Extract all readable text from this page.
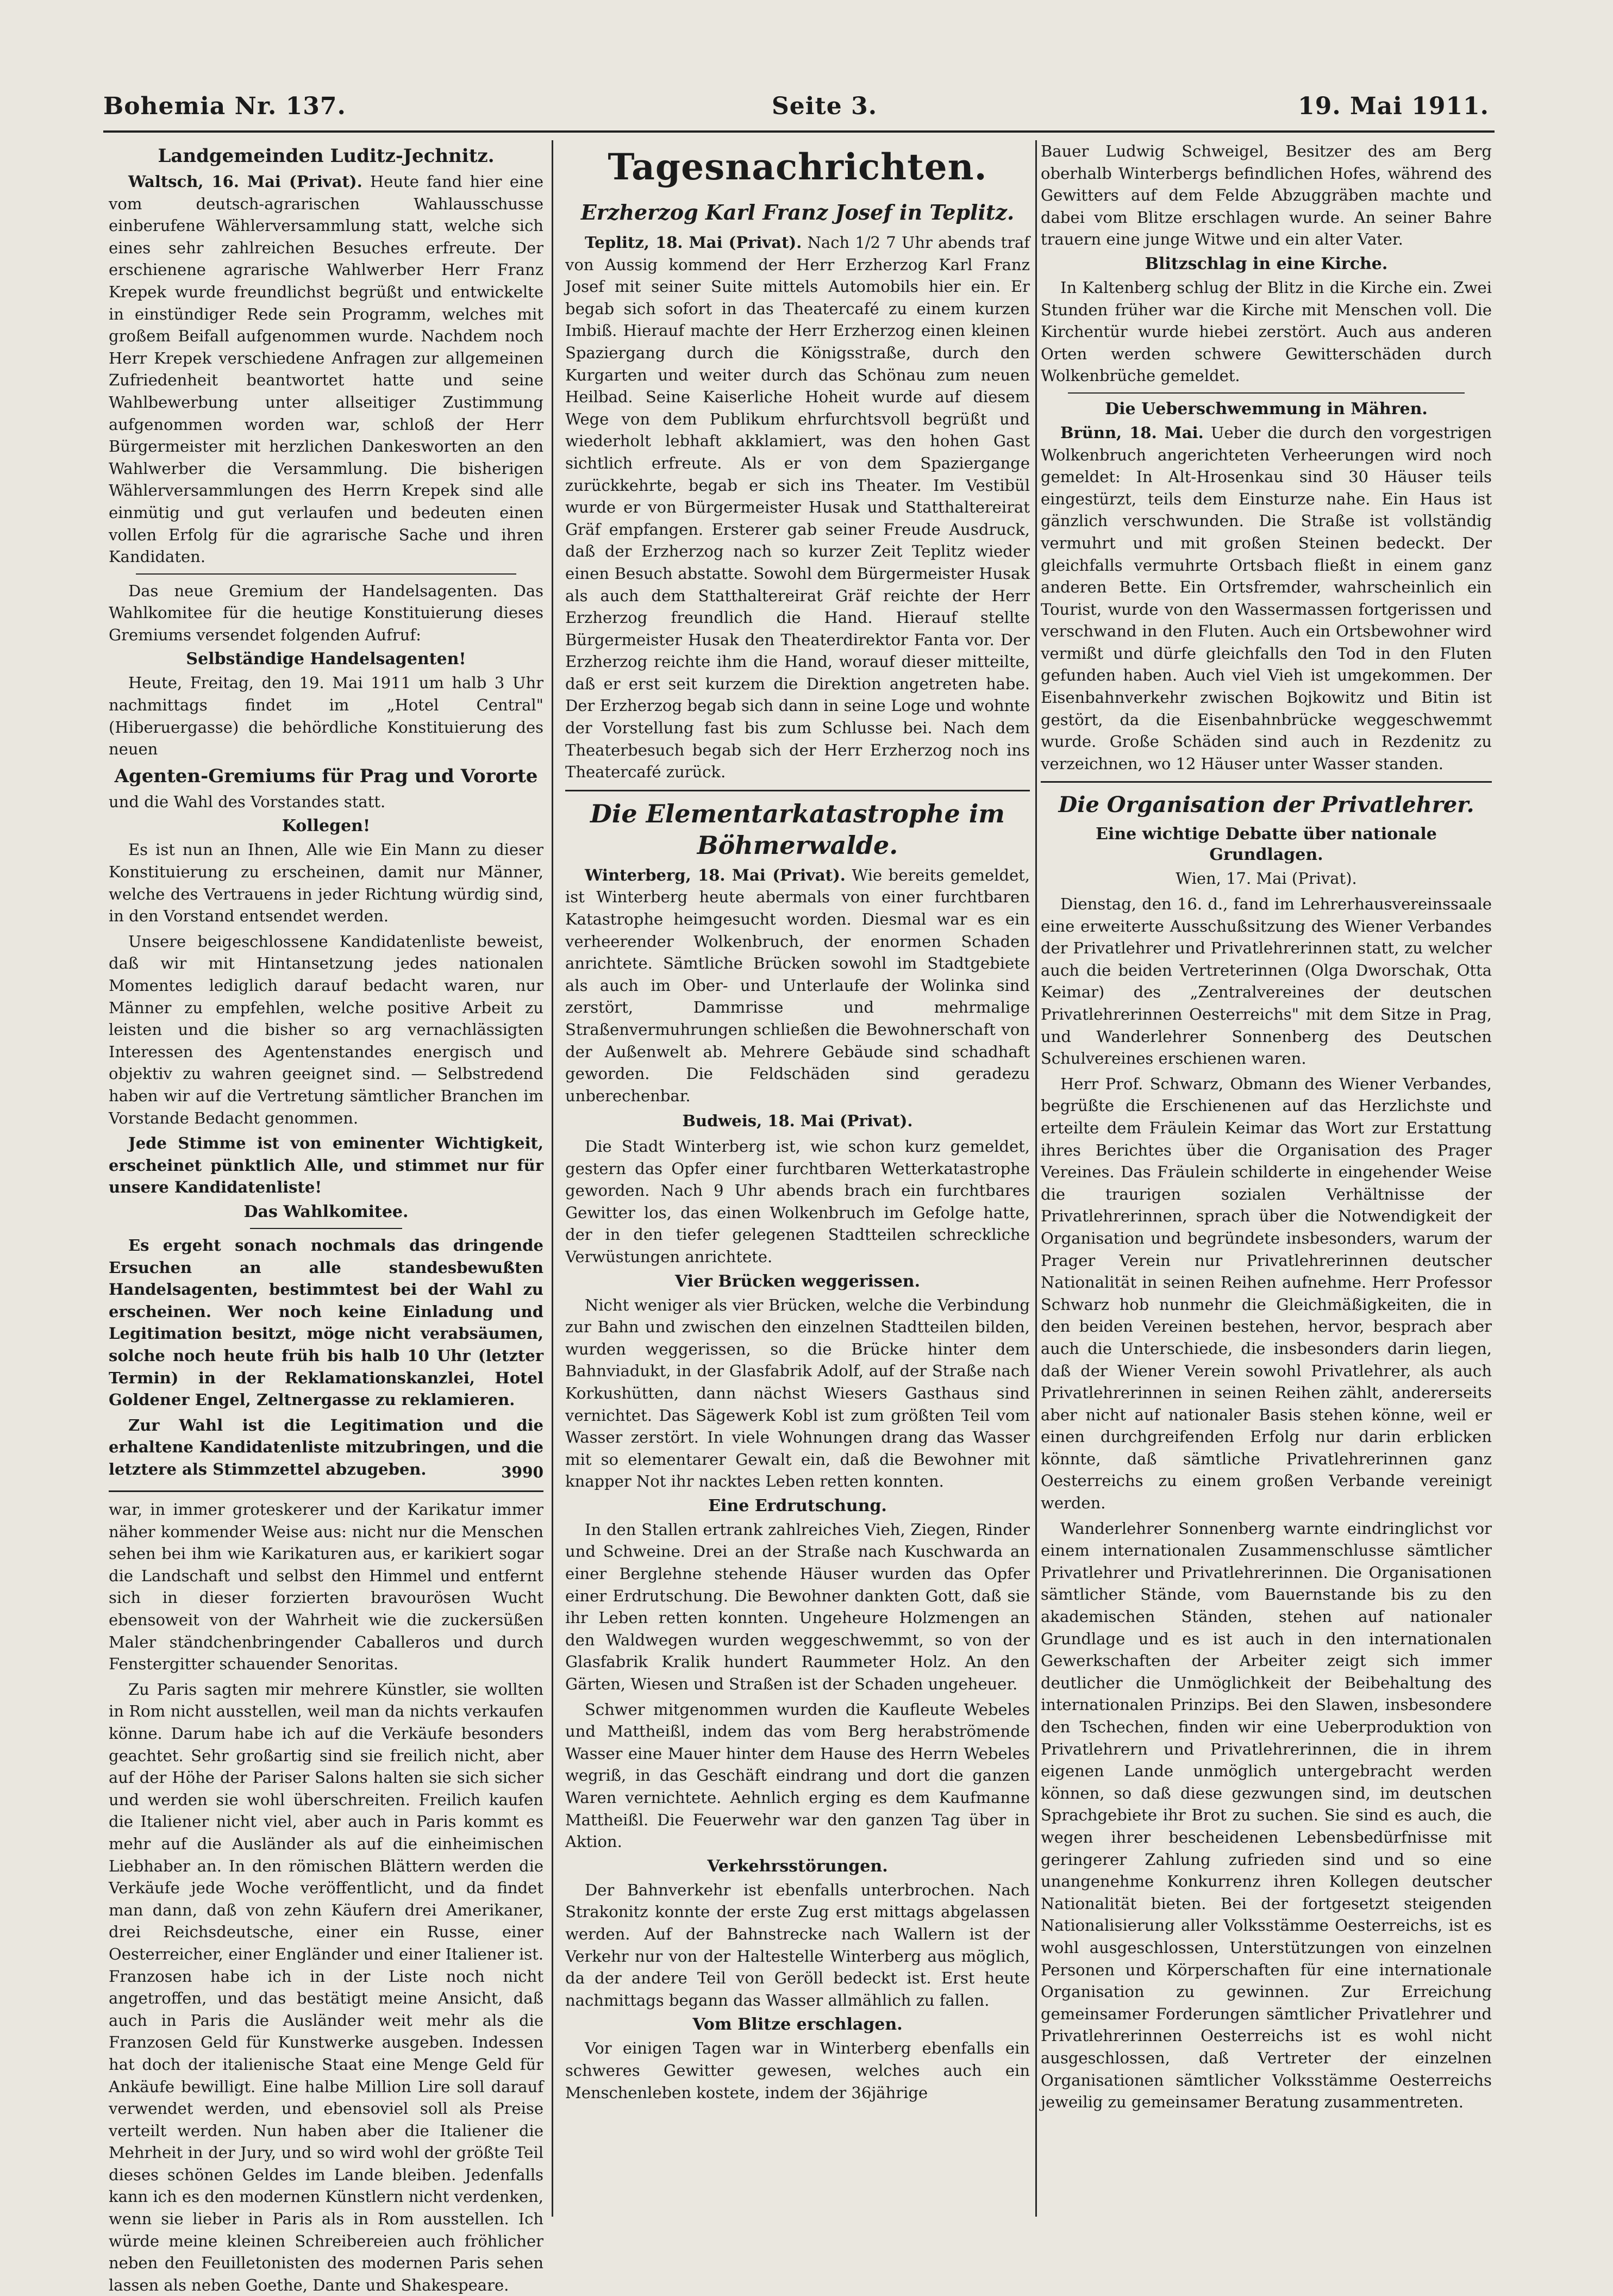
Bohemia Nr. 137.	Seite 3.	19. Mai 1911.
Landgemeinden Luditz-Jechnitz.

Waltsch, 16. Mai (Privat). Heute fand hier eine vom deutsch-agrarischen Wahlausschusse einberufene Wählerversammlung statt, welche sich eines sehr zahlreichen Besuches erfreute. Der erschienene agrarische Wahlwerber Herr Franz Krepek wurde freundlichst begrüßt und entwickelte in einstündiger Rede sein Programm, welches mit großem Beifall aufgenommen wurde. Nachdem noch Herr Krepek verschiedene Anfragen zur allgemeinen Zufriedenheit beantwortet hatte und seine Wahlbewerbung unter allseitiger Zustimmung aufgenommen worden war, schloß der Herr Bürgermeister mit herzlichen Dankesworten an den Wahlwerber die Versammlung. Die bisherigen Wählerversammlungen des Herrn Krepek sind alle einmütig und gut verlaufen und bedeuten einen vollen Erfolg für die agrarische Sache und ihren Kandidaten.

Das neue Gremium der Handelsagenten. Das Wahlkomitee für die heutige Konstituierung dieses Gremiums versendet folgenden Aufruf:

Selbständige Handelsagenten!

Heute, Freitag, den 19. Mai 1911 um halb 3 Uhr nachmittags findet im „Hotel Central" (Hiberuergasse) die behördliche Konstituierung des neuen

Agenten-Gremiums für Prag und Vororte

und die Wahl des Vorstandes statt.

Kollegen!

Es ist nun an Ihnen, Alle wie Ein Mann zu dieser Konstituierung zu erscheinen, damit nur Männer, welche des Vertrauens in jeder Richtung würdig sind, in den Vorstand entsendet werden.

Unsere beigeschlossene Kandidatenliste beweist, daß wir mit Hintansetzung jedes nationalen Momentes lediglich darauf bedacht waren, nur Männer zu empfehlen, welche positive Arbeit zu leisten und die bisher so arg vernachlässigten Interessen des Agentenstandes energisch und objektiv zu wahren geeignet sind. — Selbstredend haben wir auf die Vertretung sämtlicher Branchen im Vorstande Bedacht genommen.

Jede Stimme ist von eminenter Wichtigkeit, erscheinet pünktlich Alle, und stimmet nur für unsere Kandidatenliste!

Das Wahlkomitee.

Es ergeht sonach nochmals das dringende Ersuchen an alle standesbewußten Handelsagenten, bestimmtest bei der Wahl zu erscheinen. Wer noch keine Einladung und Legitimation besitzt, möge nicht verabsäumen, solche noch heute früh bis halb 10 Uhr (letzter Termin) in der Reklamationskanzlei, Hotel Goldener Engel, Zeltnergasse zu reklamieren.

Zur Wahl ist die Legitimation und die erhaltene Kandidatenliste mitzubringen, und die letztere als Stimmzettel abzugeben.	3990

war, in immer groteskerer und der Karikatur immer näher kommender Weise aus: nicht nur die Menschen sehen bei ihm wie Karikaturen aus, er karikiert sogar die Landschaft und selbst den Himmel und entfernt sich in dieser forzierten bravourösen Wucht ebensoweit von der Wahrheit wie die zuckersüßen Maler ständchenbringender Caballeros und durch Fenstergitter schauender Senoritas.

Zu Paris sagten mir mehrere Künstler, sie wollten in Rom nicht ausstellen, weil man da nichts verkaufen könne. Darum habe ich auf die Verkäufe besonders geachtet. Sehr großartig sind sie freilich nicht, aber auf der Höhe der Pariser Salons halten sie sich sicher und werden sie wohl überschreiten. Freilich kaufen die Italiener nicht viel, aber auch in Paris kommt es mehr auf die Ausländer als auf die einheimischen Liebhaber an. In den römischen Blättern werden die Verkäufe jede Woche veröffentlicht, und da findet man dann, daß von zehn Käufern drei Amerikaner, drei Reichsdeutsche, einer ein Russe, einer Oesterreicher, einer Engländer und einer Italiener ist. Franzosen habe ich in der Liste noch nicht angetroffen, und das bestätigt meine Ansicht, daß auch in Paris die Ausländer weit mehr als die Franzosen Geld für Kunstwerke ausgeben. Indessen hat doch der italienische Staat eine Menge Geld für Ankäufe bewilligt. Eine halbe Million Lire soll darauf verwendet werden, und ebensoviel soll als Preise verteilt werden. Nun haben aber die Italiener die Mehrheit in der Jury, und so wird wohl der größte Teil dieses schönen Geldes im Lande bleiben. Jedenfalls kann ich es den modernen Künstlern nicht verdenken, wenn sie lieber in Paris als in Rom ausstellen. Ich würde meine kleinen Schreibereien auch fröhlicher neben den Feuilletonisten des modernen Paris sehen lassen als neben Goethe, Dante und Shakespeare.

Tagesnachrichten.
Erzherzog Karl Franz Josef in Teplitz.

Teplitz, 18. Mai (Privat). Nach 1/2 7 Uhr abends traf von Aussig kommend der Herr Erzherzog Karl Franz Josef mit seiner Suite mittels Automobils hier ein. Er begab sich sofort in das Theatercafé zu einem kurzen Imbiß. Hierauf machte der Herr Erzherzog einen kleinen Spaziergang durch die Königsstraße, durch den Kurgarten und weiter durch das Schönau zum neuen Heilbad. Seine Kaiserliche Hoheit wurde auf diesem Wege von dem Publikum ehrfurchtsvoll begrüßt und wiederholt lebhaft akklamiert, was den hohen Gast sichtlich erfreute. Als er von dem Spaziergange zurückkehrte, begab er sich ins Theater. Im Vestibül wurde er von Bürgermeister Husak und Statthaltereirat Gräf empfangen. Ersterer gab seiner Freude Ausdruck, daß der Erzherzog nach so kurzer Zeit Teplitz wieder einen Besuch abstatte. Sowohl dem Bürgermeister Husak als auch dem Statthaltereirat Gräf reichte der Herr Erzherzog freundlich die Hand. Hierauf stellte Bürgermeister Husak den Theaterdirektor Fanta vor. Der Erzherzog reichte ihm die Hand, worauf dieser mitteilte, daß er erst seit kurzem die Direktion angetreten habe. Der Erzherzog begab sich dann in seine Loge und wohnte der Vorstellung fast bis zum Schlusse bei. Nach dem Theaterbesuch begab sich der Herr Erzherzog noch ins Theatercafé zurück.

Die Elementarkatastrophe im Böhmerwalde.

Winterberg, 18. Mai (Privat). Wie bereits gemeldet, ist Winterberg heute abermals von einer furchtbaren Katastrophe heimgesucht worden. Diesmal war es ein verheerender Wolkenbruch, der enormen Schaden anrichtete. Sämtliche Brücken sowohl im Stadtgebiete als auch im Ober- und Unterlaufe der Wolinka sind zerstört, Dammrisse und mehrmalige Straßenvermuhrungen schließen die Bewohnerschaft von der Außenwelt ab. Mehrere Gebäude sind schadhaft geworden. Die Feldschäden sind geradezu unberechenbar.

Budweis, 18. Mai (Privat).

Die Stadt Winterberg ist, wie schon kurz gemeldet, gestern das Opfer einer furchtbaren Wetterkatastrophe geworden. Nach 9 Uhr abends brach ein furchtbares Gewitter los, das einen Wolkenbruch im Gefolge hatte, der in den tiefer gelegenen Stadtteilen schreckliche Verwüstungen anrichtete.

Vier Brücken weggerissen.

Nicht weniger als vier Brücken, welche die Verbindung zur Bahn und zwischen den einzelnen Stadtteilen bilden, wurden weggerissen, so die Brücke hinter dem Bahnviadukt, in der Glasfabrik Adolf, auf der Straße nach Korkushütten, dann nächst Wiesers Gasthaus sind vernichtet. Das Sägewerk Kobl ist zum größten Teil vom Wasser zerstört. In viele Wohnungen drang das Wasser mit so elementarer Gewalt ein, daß die Bewohner mit knapper Not ihr nacktes Leben retten konnten.

Eine Erdrutschung.

In den Stallen ertrank zahlreiches Vieh, Ziegen, Rinder und Schweine. Drei an der Straße nach Kuschwarda an einer Berglehne stehende Häuser wurden das Opfer einer Erdrutschung. Die Bewohner dankten Gott, daß sie ihr Leben retten konnten. Ungeheure Holzmengen an den Waldwegen wurden weggeschwemmt, so von der Glasfabrik Kralik hundert Raummeter Holz. An den Gärten, Wiesen und Straßen ist der Schaden ungeheuer.

Schwer mitgenommen wurden die Kaufleute Webeles und Mattheißl, indem das vom Berg herabströmende Wasser eine Mauer hinter dem Hause des Herrn Webeles wegriß, in das Geschäft eindrang und dort die ganzen Waren vernichtete. Aehnlich erging es dem Kaufmanne Mattheißl. Die Feuerwehr war den ganzen Tag über in Aktion.

Verkehrsstörungen.

Der Bahnverkehr ist ebenfalls unterbrochen. Nach Strakonitz konnte der erste Zug erst mittags abgelassen werden. Auf der Bahnstrecke nach Wallern ist der Verkehr nur von der Haltestelle Winterberg aus möglich, da der andere Teil von Geröll bedeckt ist. Erst heute nachmittags begann das Wasser allmählich zu fallen.

Vom Blitze erschlagen.

Vor einigen Tagen war in Winterberg ebenfalls ein schweres Gewitter gewesen, welches auch ein Menschenleben kostete, indem der 36jährige

Bauer Ludwig Schweigel, Besitzer des am Berg oberhalb Winterbergs befindlichen Hofes, während des Gewitters auf dem Felde Abzuggräben machte und dabei vom Blitze erschlagen wurde. An seiner Bahre trauern eine junge Witwe und ein alter Vater.

Blitzschlag in eine Kirche.

In Kaltenberg schlug der Blitz in die Kirche ein. Zwei Stunden früher war die Kirche mit Menschen voll. Die Kirchentür wurde hiebei zerstört. Auch aus anderen Orten werden schwere Gewitterschäden durch Wolkenbrüche gemeldet.

Die Ueberschwemmung in Mähren.

Brünn, 18. Mai. Ueber die durch den vorgestrigen Wolkenbruch angerichteten Verheerungen wird noch gemeldet: In Alt-Hrosenkau sind 30 Häuser teils eingestürzt, teils dem Einsturze nahe. Ein Haus ist gänzlich verschwunden. Die Straße ist vollständig vermuhrt und mit großen Steinen bedeckt. Der gleichfalls vermuhrte Ortsbach fließt in einem ganz anderen Bette. Ein Ortsfremder, wahrscheinlich ein Tourist, wurde von den Wassermassen fortgerissen und verschwand in den Fluten. Auch ein Ortsbewohner wird vermißt und dürfe gleichfalls den Tod in den Fluten gefunden haben. Auch viel Vieh ist umgekommen. Der Eisenbahnverkehr zwischen Bojkowitz und Bitin ist gestört, da die Eisenbahnbrücke weggeschwemmt wurde. Große Schäden sind auch in Rezdenitz zu verzeichnen, wo 12 Häuser unter Wasser standen.

Die Organisation der Privatlehrer.
Eine wichtige Debatte über nationale Grundlagen.

Wien, 17. Mai (Privat).

Dienstag, den 16. d., fand im Lehrerhausvereinssaale eine erweiterte Ausschußsitzung des Wiener Verbandes der Privatlehrer und Privatlehrerinnen statt, zu welcher auch die beiden Vertreterinnen (Olga Dworschak, Otta Keimar) des „Zentralvereines der deutschen Privatlehrerinnen Oesterreichs" mit dem Sitze in Prag, und Wanderlehrer Sonnenberg des Deutschen Schulvereines erschienen waren.

Herr Prof. Schwarz, Obmann des Wiener Verbandes, begrüßte die Erschienenen auf das Herzlichste und erteilte dem Fräulein Keimar das Wort zur Erstattung ihres Berichtes über die Organisation des Prager Vereines. Das Fräulein schilderte in eingehender Weise die traurigen sozialen Verhältnisse der Privatlehrerinnen, sprach über die Notwendigkeit der Organisation und begründete insbesonders, warum der Prager Verein nur Privatlehrerinnen deutscher Nationalität in seinen Reihen aufnehme. Herr Professor Schwarz hob nunmehr die Gleichmäßigkeiten, die in den beiden Vereinen bestehen, hervor, besprach aber auch die Unterschiede, die insbesonders darin liegen, daß der Wiener Verein sowohl Privatlehrer, als auch Privatlehrerinnen in seinen Reihen zählt, andererseits aber nicht auf nationaler Basis stehen könne, weil er einen durchgreifenden Erfolg nur darin erblicken könnte, daß sämtliche Privatlehrerinnen ganz Oesterreichs zu einem großen Verbande vereinigt werden.

Wanderlehrer Sonnenberg warnte eindringlichst vor einem internationalen Zusammenschlusse sämtlicher Privatlehrer und Privatlehrerinnen. Die Organisationen sämtlicher Stände, vom Bauernstande bis zu den akademischen Ständen, stehen auf nationaler Grundlage und es ist auch in den internationalen Gewerkschaften der Arbeiter zeigt sich immer deutlicher die Unmöglichkeit der Beibehaltung des internationalen Prinzips. Bei den Slawen, insbesondere den Tschechen, finden wir eine Ueberproduktion von Privatlehrern und Privatlehrerinnen, die in ihrem eigenen Lande unmöglich untergebracht werden können, so daß diese gezwungen sind, im deutschen Sprachgebiete ihr Brot zu suchen. Sie sind es auch, die wegen ihrer bescheidenen Lebensbedürfnisse mit geringerer Zahlung zufrieden sind und so eine unangenehme Konkurrenz ihren Kollegen deutscher Nationalität bieten. Bei der fortgesetzt steigenden Nationalisierung aller Volksstämme Oesterreichs, ist es wohl ausgeschlossen, Unterstützungen von einzelnen Personen und Körperschaften für eine internationale Organisation zu gewinnen. Zur Erreichung gemeinsamer Forderungen sämtlicher Privatlehrer und Privatlehrerinnen Oesterreichs ist es wohl nicht ausgeschlossen, daß Vertreter der einzelnen Organisationen sämtlicher Volksstämme Oesterreichs jeweilig zu gemeinsamer Beratung zusammentreten.
